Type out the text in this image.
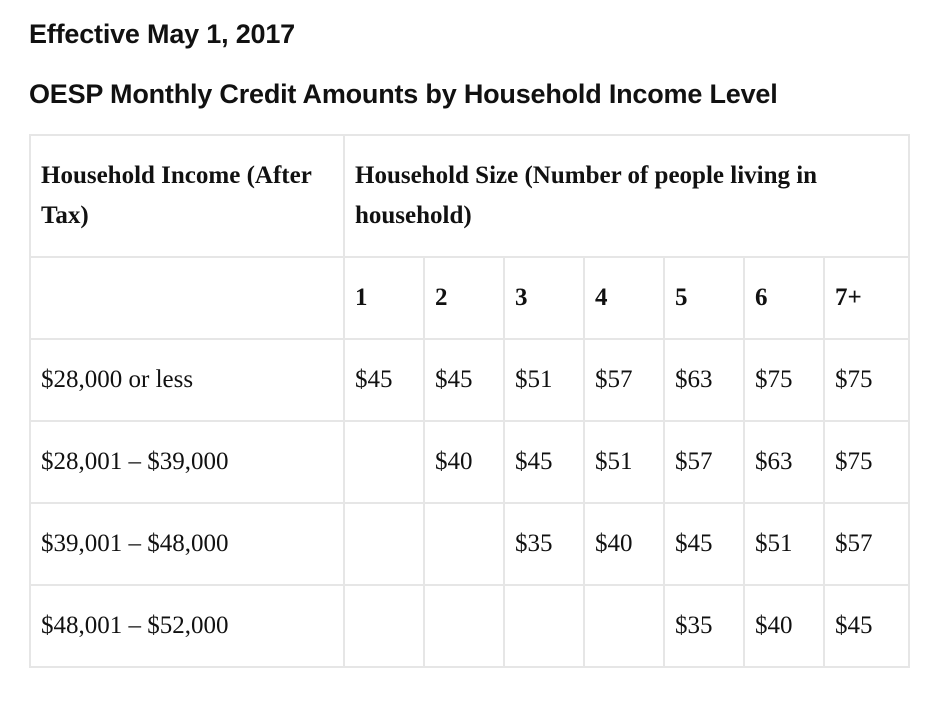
Effective May 1, 2017
OESP Monthly Credit Amounts by Household Income Level
Household Income (After Tax)	Household Size (Number of people living in household)						
	1	2	3	4	5	6	7+
$28,000 or less	$45	$45	$51	$57	$63	$75	$75
$28,001 – $39,000		$40	$45	$51	$57	$63	$75
$39,001 – $48,000			$35	$40	$45	$51	$57
$48,001 – $52,000					$35	$40	$45
